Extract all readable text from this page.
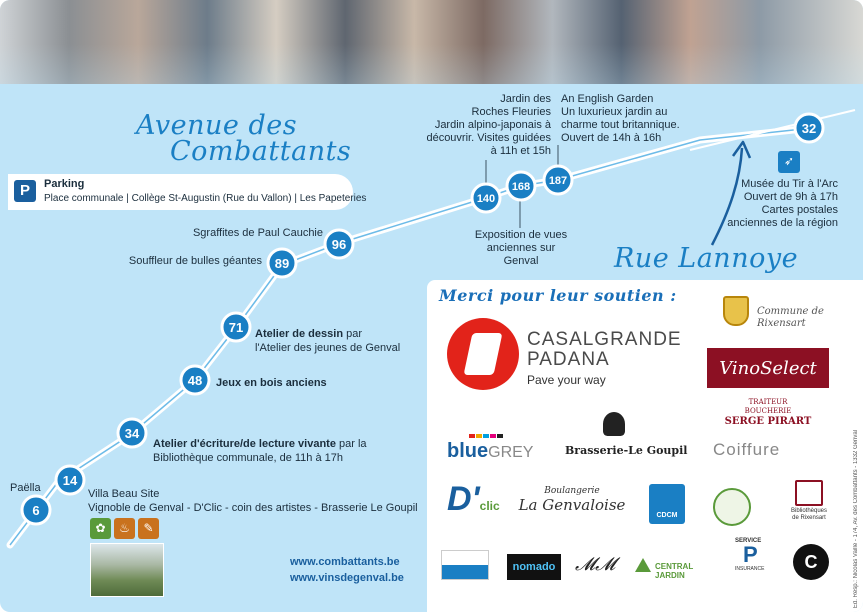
6
14
34
48
71
89
96
140
168 187
32
Avenue des
Combattants
Rue Lannoye
P	Parking
Place communale | Collège St-Augustin (Rue du Vallon) | Les Papeteries
Paëlla	Villa Beau Site
Vignoble de Genval - D'Clic - coin des artistes - Brasserie Le Goupil
✿	♨	✎
Atelier d'écriture/de lecture vivante par la
Bibliothèque communale, de 11h à 17h
Jeux en bois anciens
Atelier de dessin par
l'Atelier des jeunes de Genval
Souffleur de bulles géantes
Sgraffites de Paul Cauchie
Jardin des
Roches Fleuries
Jardin alpino-japonais à
découvrir. Visites guidées
à 11h et 15h
An English Garden
Un luxurieux jardin au
charme tout britannique.
Ouvert de 14h à 16h
Exposition de vues
anciennes sur Genval
➶
Musée du Tir à l'Arc
Ouvert de 9h à 17h
Cartes postales
anciennes de la région
www.combattants.be
www.vinsdegenval.be
Merci pour leur soutien :
CASALGRANDE
PADANA
Pave your way
Commune de
Rixensart
VinoSelect
TRAITEUR
BOUCHERIE
SERGE PIRART
blueGREY	Brasserie-Le Goupil Coiffure
D'clic
Boulangerie
La Genvaloise
CDCM
Bibliothèques
de Rixensart
nomado	𝓜𝓜	CENTRAL JARDIN
SERVICE
P
INSURANCE	C	Ed. Resp.: Nicolas Vaille - 174, Av. des Combattants - 1332 Genval
